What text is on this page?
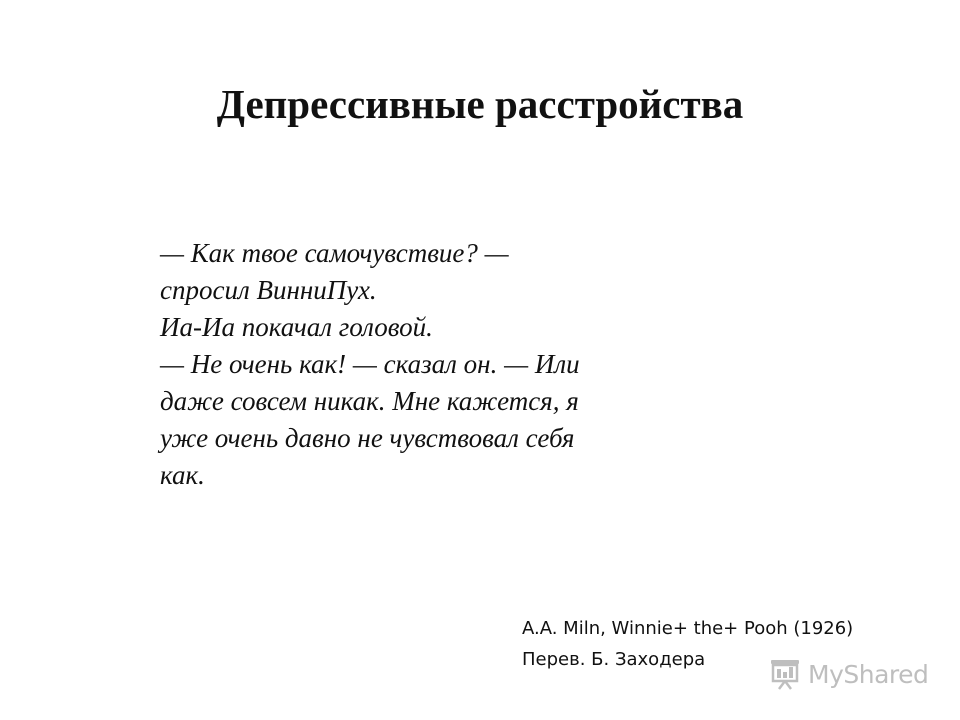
Депрессивные расстройства
— Как твое самочувствие? —
спросил ВинниПух.
Иа-Иа покачал головой.
— Не очень как! — сказал он. — Или
даже совсем никак. Мне кажется, я
уже очень давно не чувствовал себя
как.
A.A. Miln, Winnie+ the+ Pooh (1926)
Перев. Б. Заходера	MyShared
